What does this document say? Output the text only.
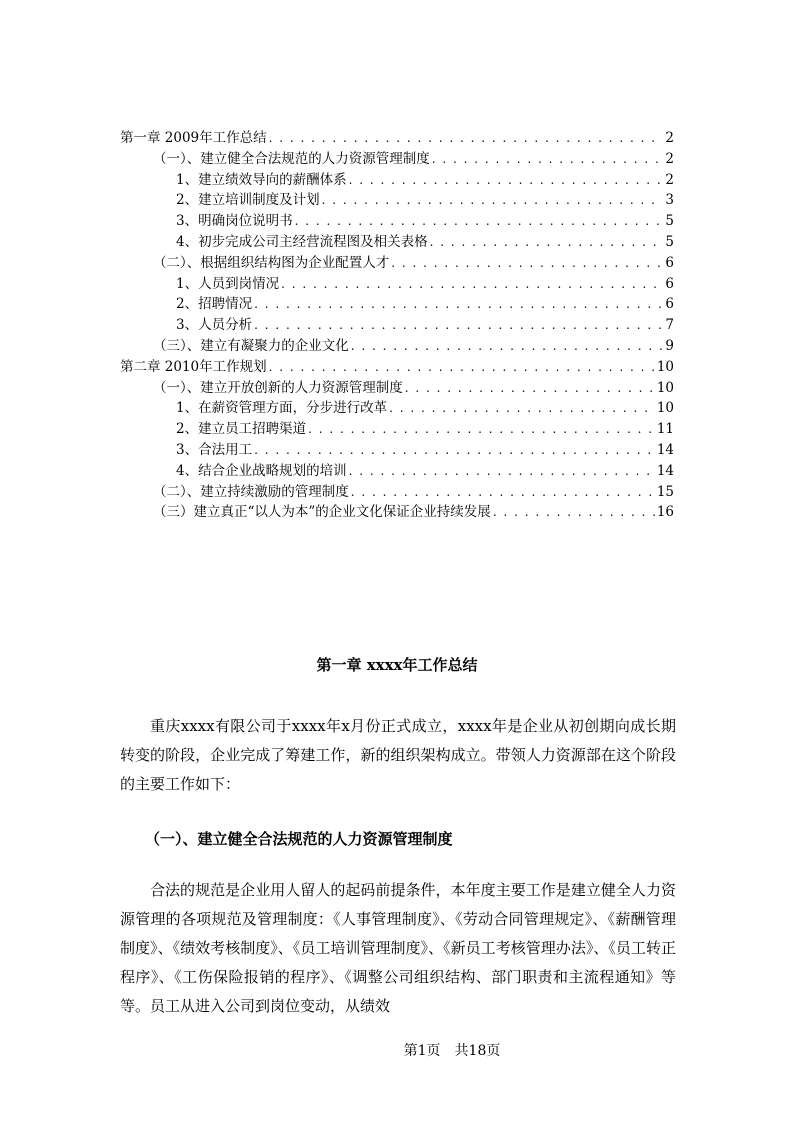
第一章 2009年工作总结 . . .	2
（一）、建立健全合法规范的人力资源管理制度 . . .	2
1、建立绩效导向的薪酬体系 . . .	2
2、建立培训制度及计划 . . .	3
3、明确岗位说明书 . . .	5
4、初步完成公司主经营流程图及相关表格 . . .	5
（二）、根据组织结构图为企业配置人才 . . .	6
1、人员到岗情况 . . .	6
2、招聘情况 . . .	6
3、人员分析 . . .	7
（三）、建立有凝聚力的企业文化 . . .	9
第二章 2010年工作规划 . . .	10
（一）、建立开放创新的人力资源管理制度 . . .	10
1、在薪资管理方面，分步进行改革 . . .	10
2、建立员工招聘渠道 . . .	11
3、合法用工 . . .	14
4、结合企业战略规划的培训 . . .	14
（二）、建立持续激励的管理制度 . . .	15
（三）建立真正“以人为本”的企业文化保证企业持续发展 . . .	16
第一章 xxxx年工作总结
重庆xxxx有限公司于xxxx年x月份正式成立，xxxx年是企业从初创期向成长期转变的阶段，企业完成了筹建工作，新的组织架构成立。带领人力资源部在这个阶段的主要工作如下：
（一）、建立健全合法规范的人力资源管理制度
合法的规范是企业用人留人的起码前提条件，本年度主要工作是建立健全人力资源管理的各项规范及管理制度：《人事管理制度》、《劳动合同管理规定》、《薪酬管理制度》、《绩效考核制度》、《员工培训管理制度》、《新员工考核管理办法》、《员工转正程序》、《工伤保险报销的程序》、《调整公司组织结构、部门职责和主流程通知》等等。员工从进入公司到岗位变动，从绩效
第1页　共18页
